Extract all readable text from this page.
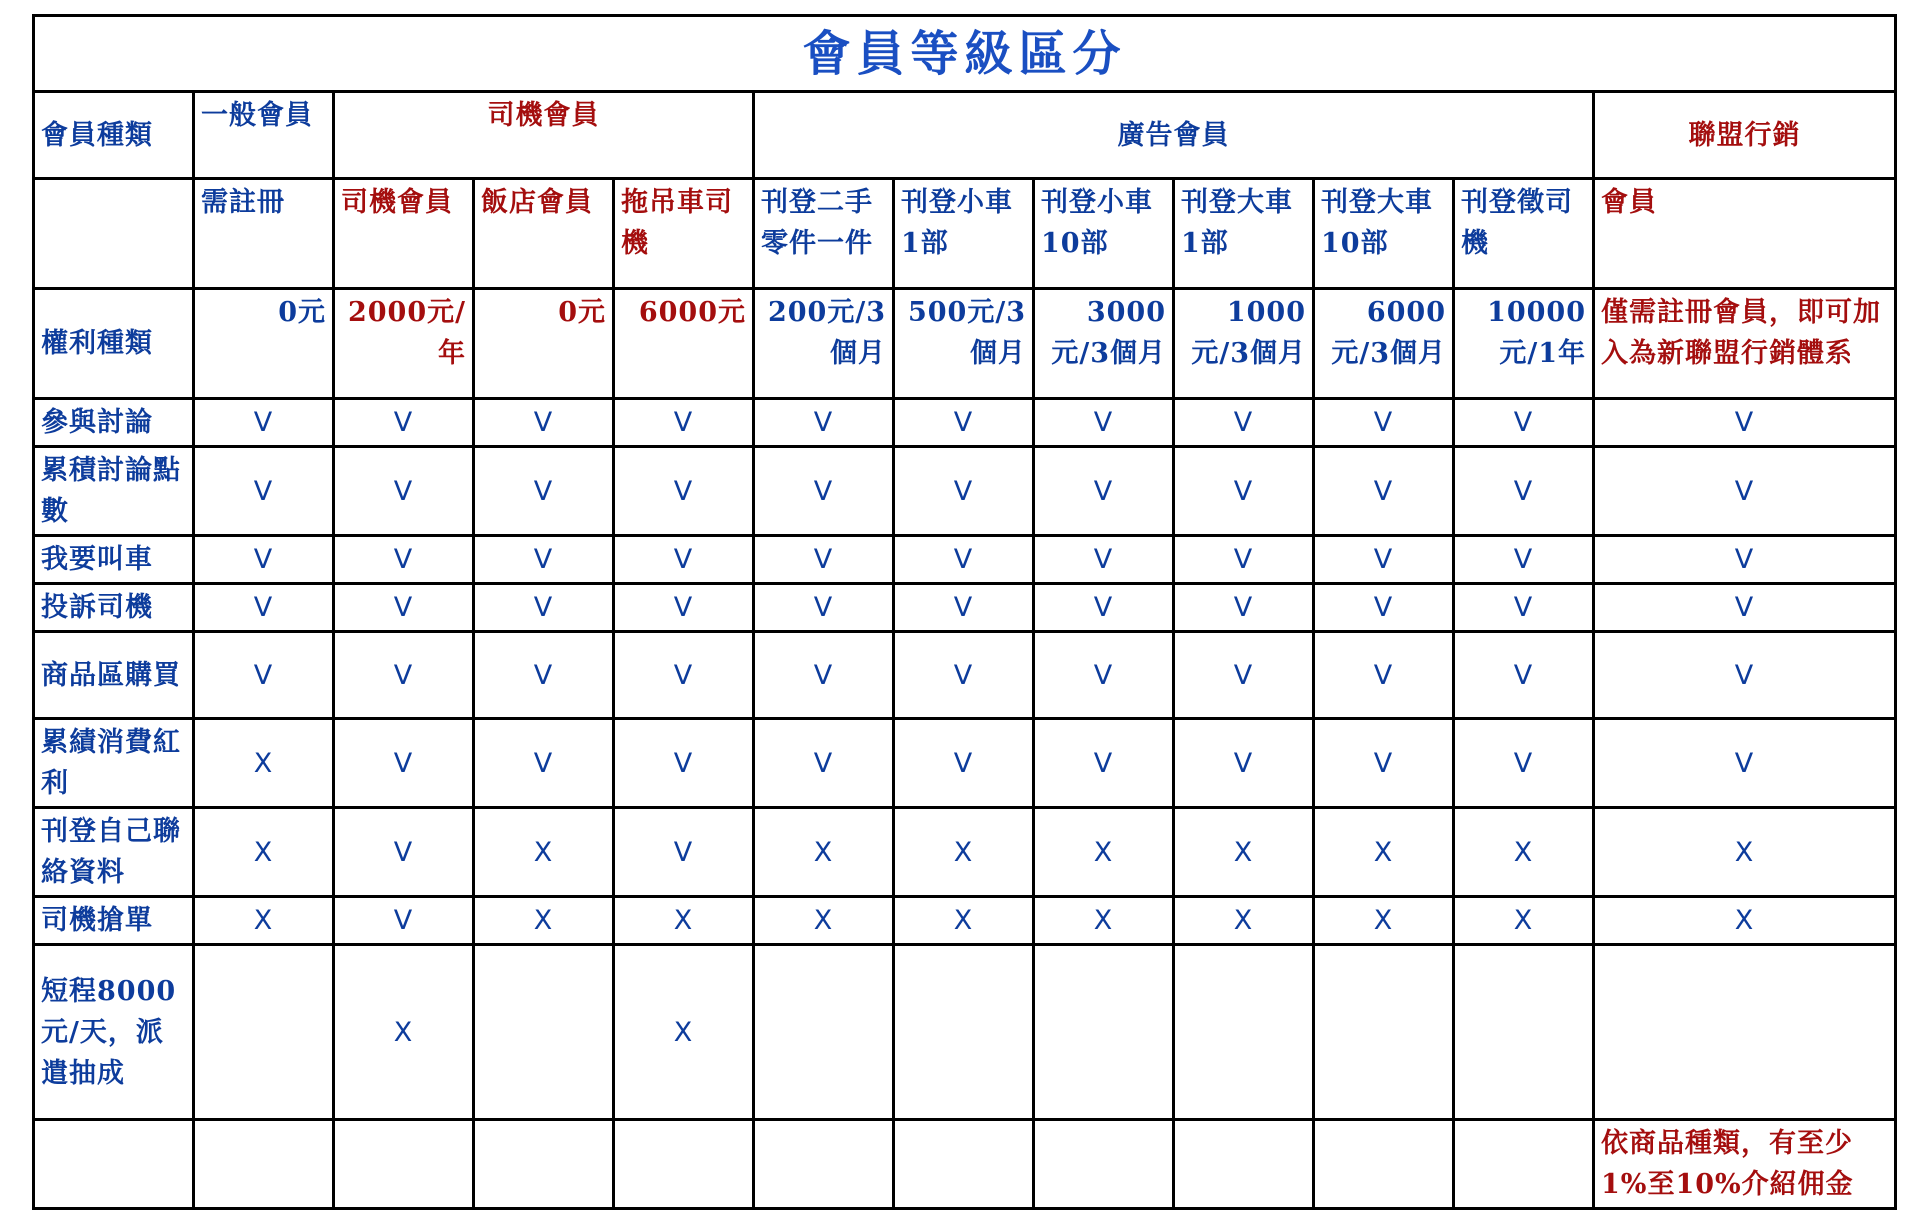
會員等級區分											
會員種類	一般會員	司機會員			廣告會員						聯盟行銷
	需註冊	司機會員	飯店會員	拖吊車司機	刊登二手零件一件	刊登小車1部	刊登小車10部	刊登大車1部	刊登大車10部	刊登徵司機	會員
權利種類	0元	2000元/年	0元	6000元	200元/3個月	500元/3個月	3000元/3個月	1000元/3個月	6000元/3個月	10000元/1年	僅需註冊會員，即可加入為新聯盟行銷體系
參與討論	V	V	V	V	V	V	V	V	V	V	V
累積討論點數	V	V	V	V	V	V	V	V	V	V	V
我要叫車	V	V	V	V	V	V	V	V	V	V	V
投訴司機	V	V	V	V	V	V	V	V	V	V	V
商品區購買	V	V	V	V	V	V	V	V	V	V	V
累績消費紅利	X	V	V	V	V	V	V	V	V	V	V
刊登自己聯絡資料	X	V	X	V	X	X	X	X	X	X	X
司機搶單	X	V	X	X	X	X	X	X	X	X	X
短程8000元/天，派遣抽成		X		X							
											依商品種類，有至少1%至10%介紹佣金
